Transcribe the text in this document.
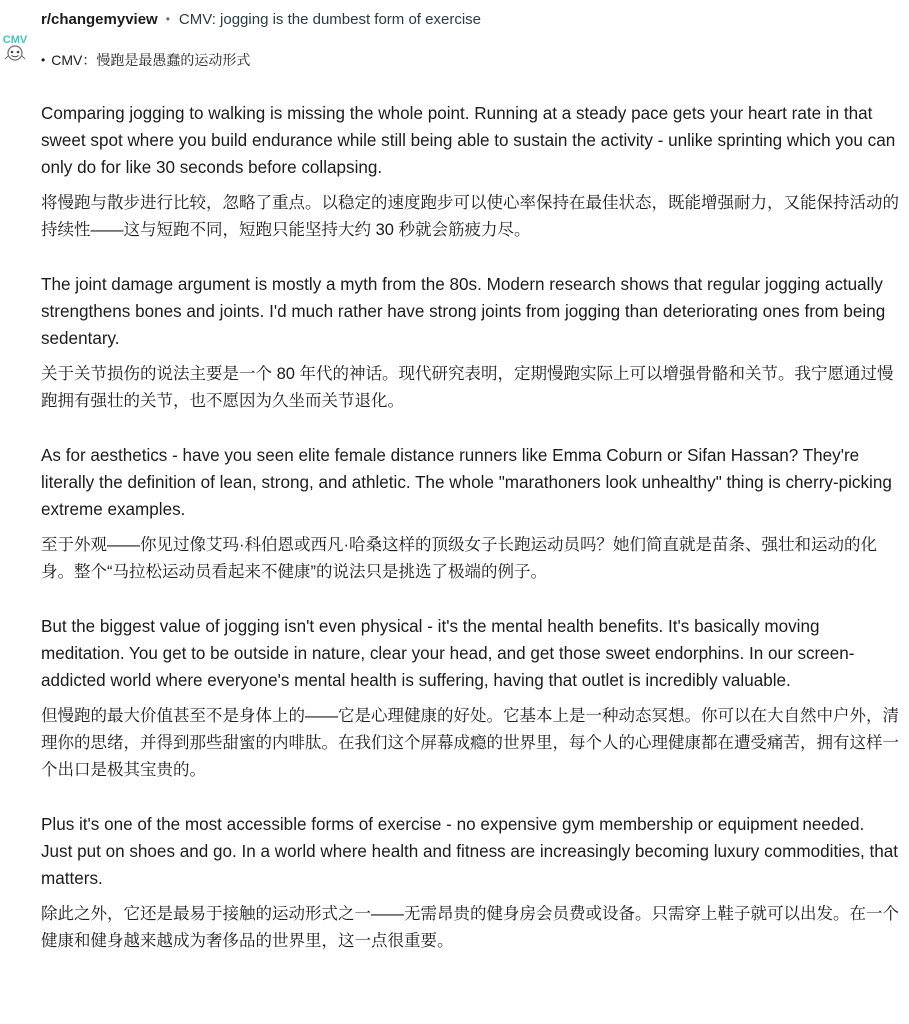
r/changemyview • CMV: jogging is the dumbest form of exercise
CMV
• CMV：慢跑是最愚蠢的运动形式

Comparing jogging to walking is missing the whole point. Running at a steady pace gets your heart rate in that sweet spot where you build endurance while still being able to sustain the activity - unlike sprinting which you can only do for like 30 seconds before collapsing.

将慢跑与散步进行比较，忽略了重点。以稳定的速度跑步可以使心率保持在最佳状态，既能增强耐力，又能保持活动的持续性——这与短跑不同，短跑只能坚持大约 30 秒就会筋疲力尽。

The joint damage argument is mostly a myth from the 80s. Modern research shows that regular jogging actually strengthens bones and joints. I'd much rather have strong joints from jogging than deteriorating ones from being sedentary.

关于关节损伤的说法主要是一个 80 年代的神话。现代研究表明，定期慢跑实际上可以增强骨骼和关节。我宁愿通过慢跑拥有强壮的关节，也不愿因为久坐而关节退化。

As for aesthetics - have you seen elite female distance runners like Emma Coburn or Sifan Hassan? They're literally the definition of lean, strong, and athletic. The whole "marathoners look unhealthy" thing is cherry-picking extreme examples.

至于外观——你见过像艾玛·科伯恩或西凡·哈桑这样的顶级女子长跑运动员吗？她们简直就是苗条、强壮和运动的化身。整个“马拉松运动员看起来不健康”的说法只是挑选了极端的例子。

But the biggest value of jogging isn't even physical - it's the mental health benefits. It's basically moving meditation. You get to be outside in nature, clear your head, and get those sweet endorphins. In our screen-addicted world where everyone's mental health is suffering, having that outlet is incredibly valuable.

但慢跑的最大价值甚至不是身体上的——它是心理健康的好处。它基本上是一种动态冥想。你可以在大自然中户外，清理你的思绪，并得到那些甜蜜的内啡肽。在我们这个屏幕成瘾的世界里，每个人的心理健康都在遭受痛苦，拥有这样一个出口是极其宝贵的。

Plus it's one of the most accessible forms of exercise - no expensive gym membership or equipment needed. Just put on shoes and go. In a world where health and fitness are increasingly becoming luxury commodities, that matters.

除此之外，它还是最易于接触的运动形式之一——无需昂贵的健身房会员费或设备。只需穿上鞋子就可以出发。在一个健康和健身越来越成为奢侈品的世界里，这一点很重要。
